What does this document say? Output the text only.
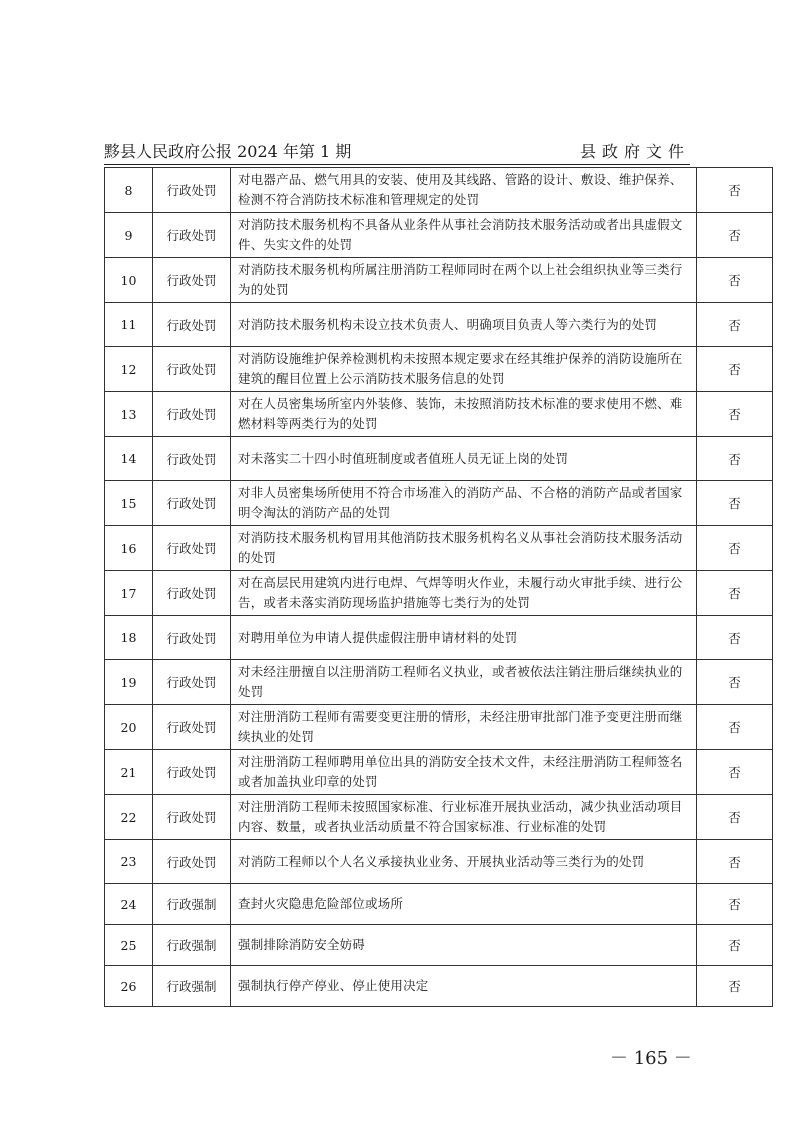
黟县人民政府公报 2024 年第 1 期	县政府文件
8	行政处罚	对电器产品、燃气用具的安装、使用及其线路、管路的设计、敷设、维护保养、检测不符合消防技术标准和管理规定的处罚	否
9	行政处罚	对消防技术服务机构不具备从业条件从事社会消防技术服务活动或者出具虚假文件、失实文件的处罚	否
10	行政处罚	对消防技术服务机构所属注册消防工程师同时在两个以上社会组织执业等三类行为的处罚	否
11	行政处罚	对消防技术服务机构未设立技术负责人、明确项目负责人等六类行为的处罚	否
12	行政处罚	对消防设施维护保养检测机构未按照本规定要求在经其维护保养的消防设施所在建筑的醒目位置上公示消防技术服务信息的处罚	否
13	行政处罚	对在人员密集场所室内外装修、装饰，未按照消防技术标准的要求使用不燃、难燃材料等两类行为的处罚	否
14	行政处罚	对未落实二十四小时值班制度或者值班人员无证上岗的处罚	否
15	行政处罚	对非人员密集场所使用不符合市场准入的消防产品、不合格的消防产品或者国家明令淘汰的消防产品的处罚	否
16	行政处罚	对消防技术服务机构冒用其他消防技术服务机构名义从事社会消防技术服务活动的处罚	否
17	行政处罚	对在高层民用建筑内进行电焊、气焊等明火作业，未履行动火审批手续、进行公告，或者未落实消防现场监护措施等七类行为的处罚	否
18	行政处罚	对聘用单位为申请人提供虚假注册申请材料的处罚	否
19	行政处罚	对未经注册擅自以注册消防工程师名义执业，或者被依法注销注册后继续执业的处罚	否
20	行政处罚	对注册消防工程师有需要变更注册的情形，未经注册审批部门准予变更注册而继续执业的处罚	否
21	行政处罚	对注册消防工程师聘用单位出具的消防安全技术文件，未经注册消防工程师签名或者加盖执业印章的处罚	否
22	行政处罚	对注册消防工程师未按照国家标准、行业标准开展执业活动，减少执业活动项目内容、数量，或者执业活动质量不符合国家标准、行业标准的处罚	否
23	行政处罚	对消防工程师以个人名义承接执业业务、开展执业活动等三类行为的处罚	否
24	行政强制	查封火灾隐患危险部位或场所	否
25	行政强制	强制排除消防安全妨碍	否
26	行政强制	强制执行停产停业、停止使用决定	否
－ 165 －
